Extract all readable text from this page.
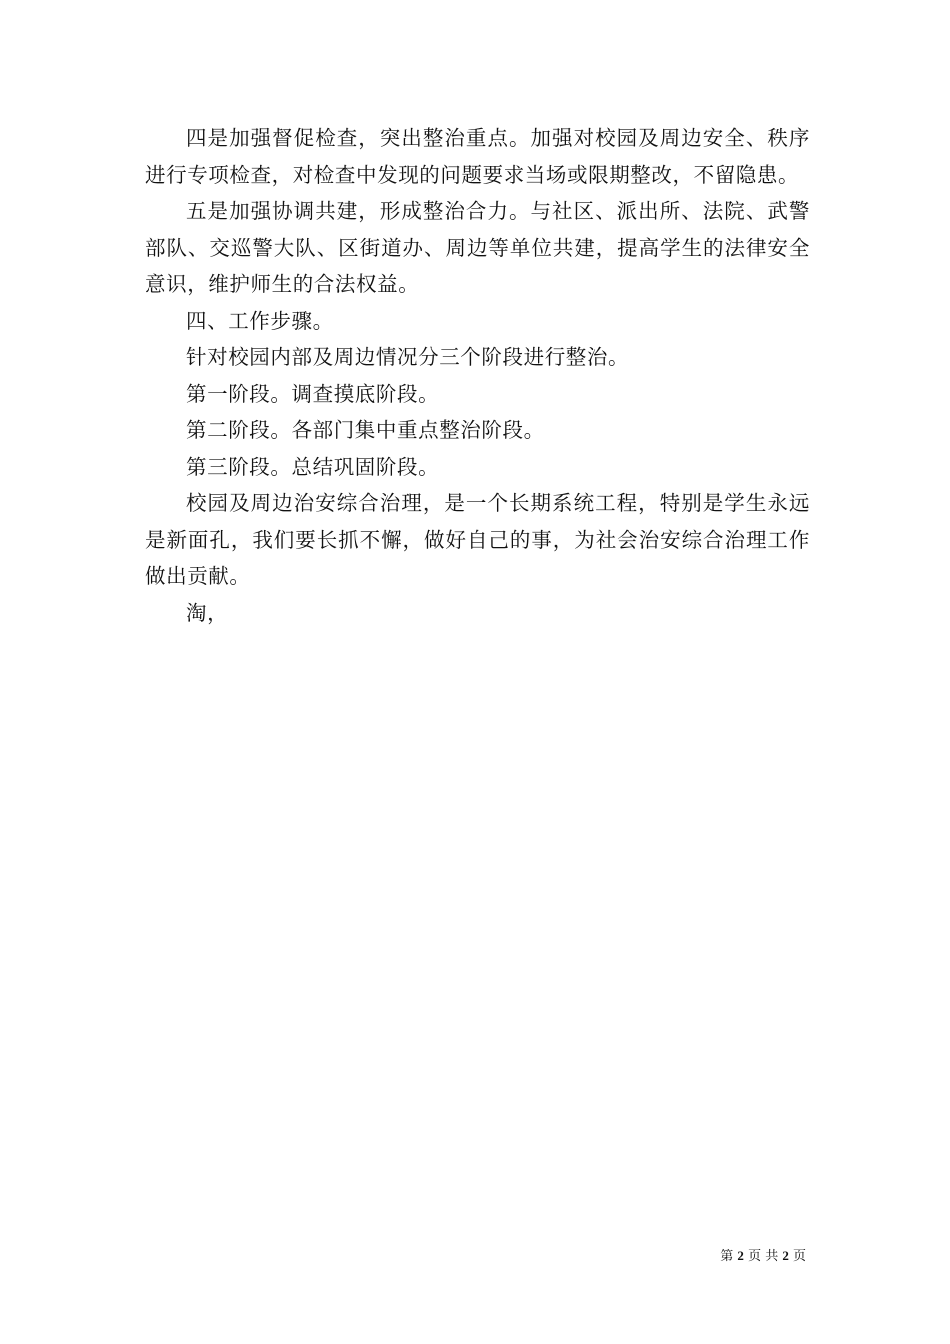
四是加强督促检查，突出整治重点。加强对校园及周边安全、秩序进行专项检查，对检查中发现的问题要求当场或限期整改，不留隐患。

五是加强协调共建，形成整治合力。与社区、派出所、法院、武警部队、交巡警大队、区街道办、周边等单位共建，提高学生的法律安全意识，维护师生的合法权益。

四、工作步骤。

针对校园内部及周边情况分三个阶段进行整治。

第一阶段。调查摸底阶段。

第二阶段。各部门集中重点整治阶段。

第三阶段。总结巩固阶段。

校园及周边治安综合治理，是一个长期系统工程，特别是学生永远是新面孔，我们要长抓不懈，做好自己的事，为社会治安综合治理工作做出贡献。

淘，

第 2 页 共 2 页
